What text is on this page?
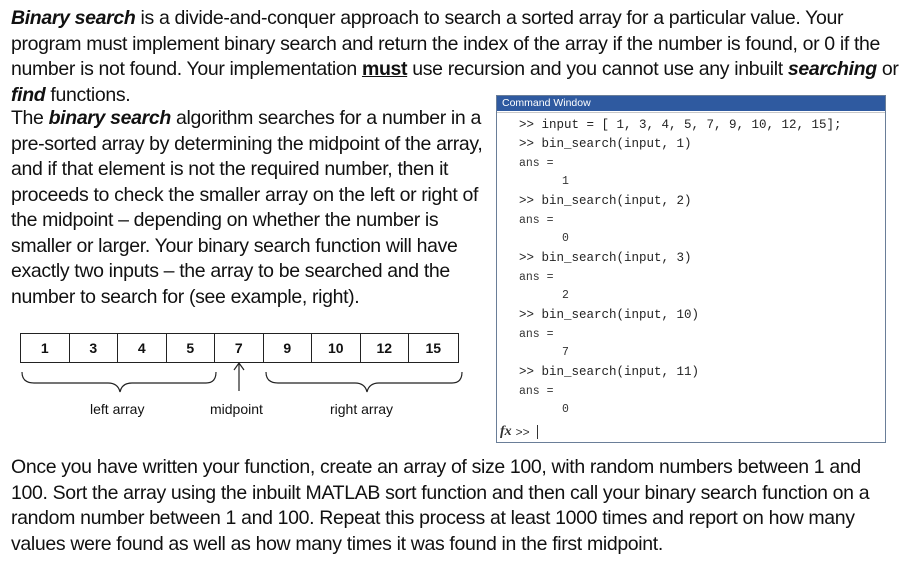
Binary search is a divide-and-conquer approach to search a sorted array for a particular value. Your program must implement binary search and return the index of the array if the number is found, or 0 if the number is not found. Your implementation must use recursion and you cannot use any inbuilt searching or find functions.
The binary search algorithm searches for a number in a pre-sorted array by determining the midpoint of the array, and if that element is not the required number, then it proceeds to check the smaller array on the left or right of the midpoint – depending on whether the number is smaller or larger. Your binary search function will have exactly two inputs – the array to be searched and the number to search for (see example, right).
1	3	4	5	7	9	10	12	15
left array	midpoint	right array
Command Window
>> input = [ 1, 3, 4, 5, 7, 9, 10, 12, 15];
>> bin_search(input, 1)
ans =
1
>> bin_search(input, 2)
ans =
0
>> bin_search(input, 3)
ans =
2
>> bin_search(input, 10)
ans =
7
>> bin_search(input, 11)
ans =
0
fx >>
Once you have written your function, create an array of size 100, with random numbers between 1 and 100. Sort the array using the inbuilt MATLAB sort function and then call your binary search function on a random number between 1 and 100. Repeat this process at least 1000 times and report on how many values were found as well as how many times it was found in the first midpoint.
